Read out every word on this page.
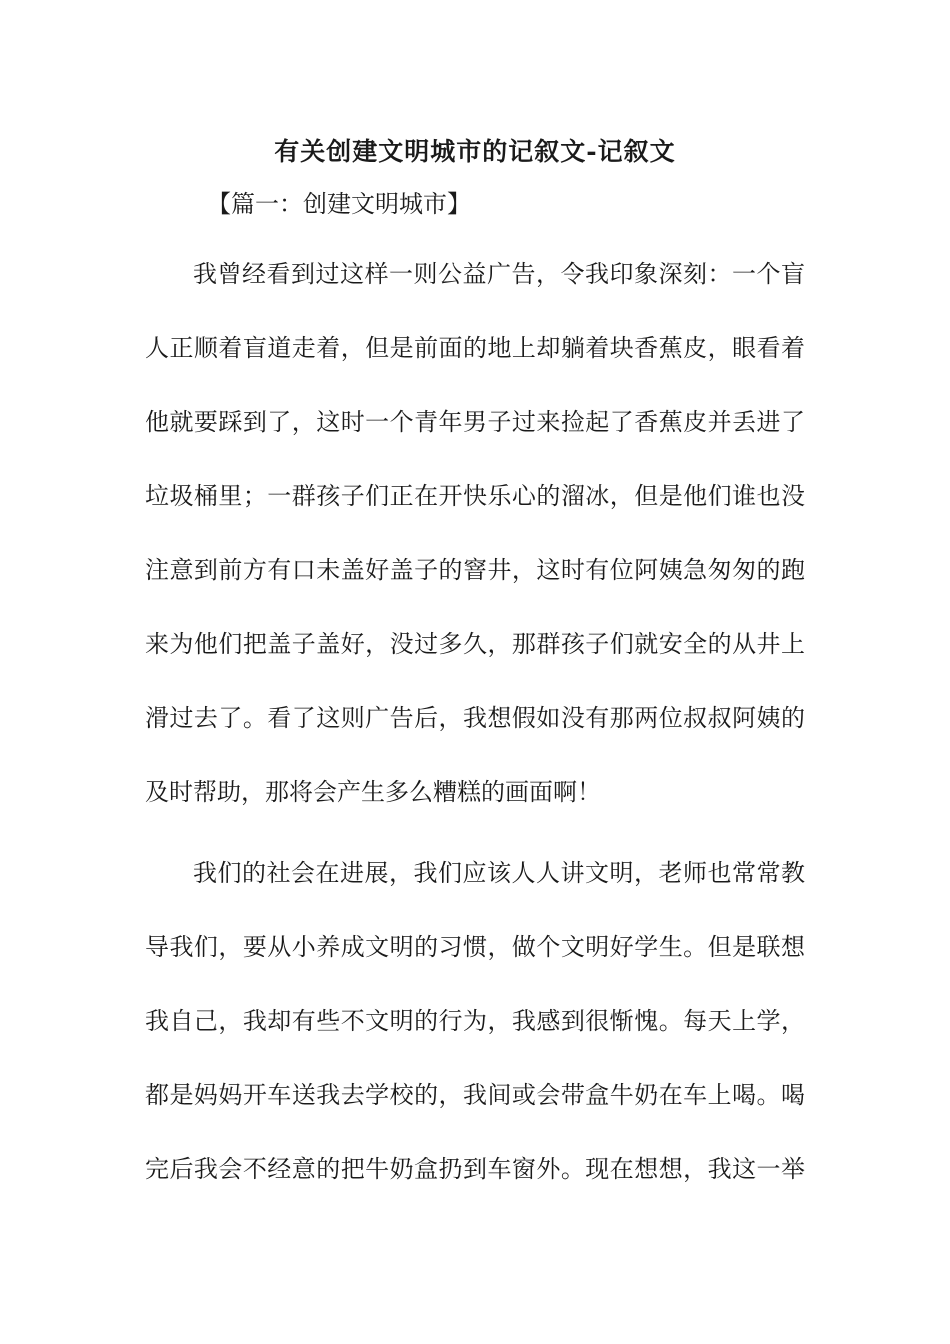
有关创建文明城市的记叙文-记叙文
【篇一：创建文明城市】
我曾经看到过这样一则公益广告，令我印象深刻：一个盲
人正顺着盲道走着，但是前面的地上却躺着块香蕉皮，眼看着
他就要踩到了，这时一个青年男子过来捡起了香蕉皮并丢进了
垃圾桶里；一群孩子们正在开快乐心的溜冰，但是他们谁也没
注意到前方有口未盖好盖子的窨井，这时有位阿姨急匆匆的跑
来为他们把盖子盖好，没过多久，那群孩子们就安全的从井上
滑过去了。看了这则广告后，我想假如没有那两位叔叔阿姨的
及时帮助，那将会产生多么糟糕的画面啊！
我们的社会在进展，我们应该人人讲文明，老师也常常教
导我们，要从小养成文明的习惯，做个文明好学生。但是联想
我自己，我却有些不文明的行为，我感到很惭愧。每天上学，
都是妈妈开车送我去学校的，我间或会带盒牛奶在车上喝。喝
完后我会不经意的把牛奶盒扔到车窗外。现在想想，我这一举
